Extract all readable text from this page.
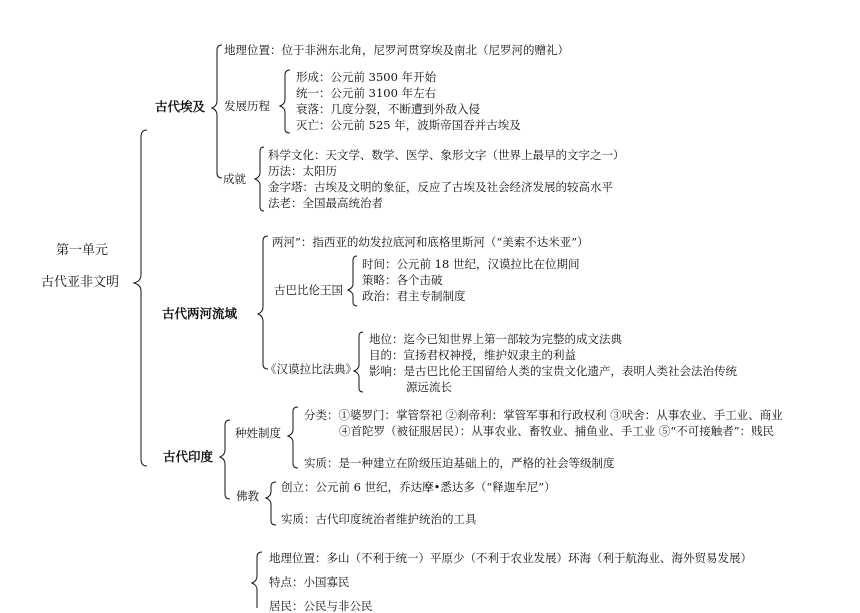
第一单元
古代亚非文明
古代埃及
地理位置：位于非洲东北角，尼罗河贯穿埃及南北（尼罗河的赠礼）
发展历程
形成：公元前 3500 年开始
统一：公元前 3100 年左右
衰落：几度分裂，不断遭到外敌入侵
灭亡：公元前 525 年，波斯帝国吞并古埃及
成就
科学文化：天文学、数学、医学、象形文字（世界上最早的文字之一）
历法：太阳历
金字塔：古埃及文明的象征，反应了古埃及社会经济发展的较高水平
法老：全国最高统治者
古代两河流域
两河”：指西亚的幼发拉底河和底格里斯河（“美索不达米亚”）
古巴比伦王国
时间：公元前 18 世纪，汉谟拉比在位期间
策略：各个击破
政治：君主专制制度
《汉谟拉比法典》
地位：迄今已知世界上第一部较为完整的成文法典
目的：宣扬君权神授，维护奴隶主的利益
影响：是古巴比伦王国留给人类的宝贵文化遗产，表明人类社会法治传统
源远流长
古代印度
种姓制度
分类：①婆罗门：掌管祭祀 ②刹帝利：掌管军事和行政权利 ③吠舍：从事农业、手工业、商业
④首陀罗（被征服居民）：从事农业、畜牧业、捕鱼业、手工业 ⑤“不可接触者”：贱民
实质：是一种建立在阶级压迫基础上的，严格的社会等级制度
佛教
创立：公元前 6 世纪，乔达摩•悉达多（“释迦牟尼”）
实质：古代印度统治者维护统治的工具
地理位置：多山（不利于统一）平原少（不利于农业发展）环海（利于航海业、海外贸易发展）
特点：小国寡民
居民：公民与非公民
